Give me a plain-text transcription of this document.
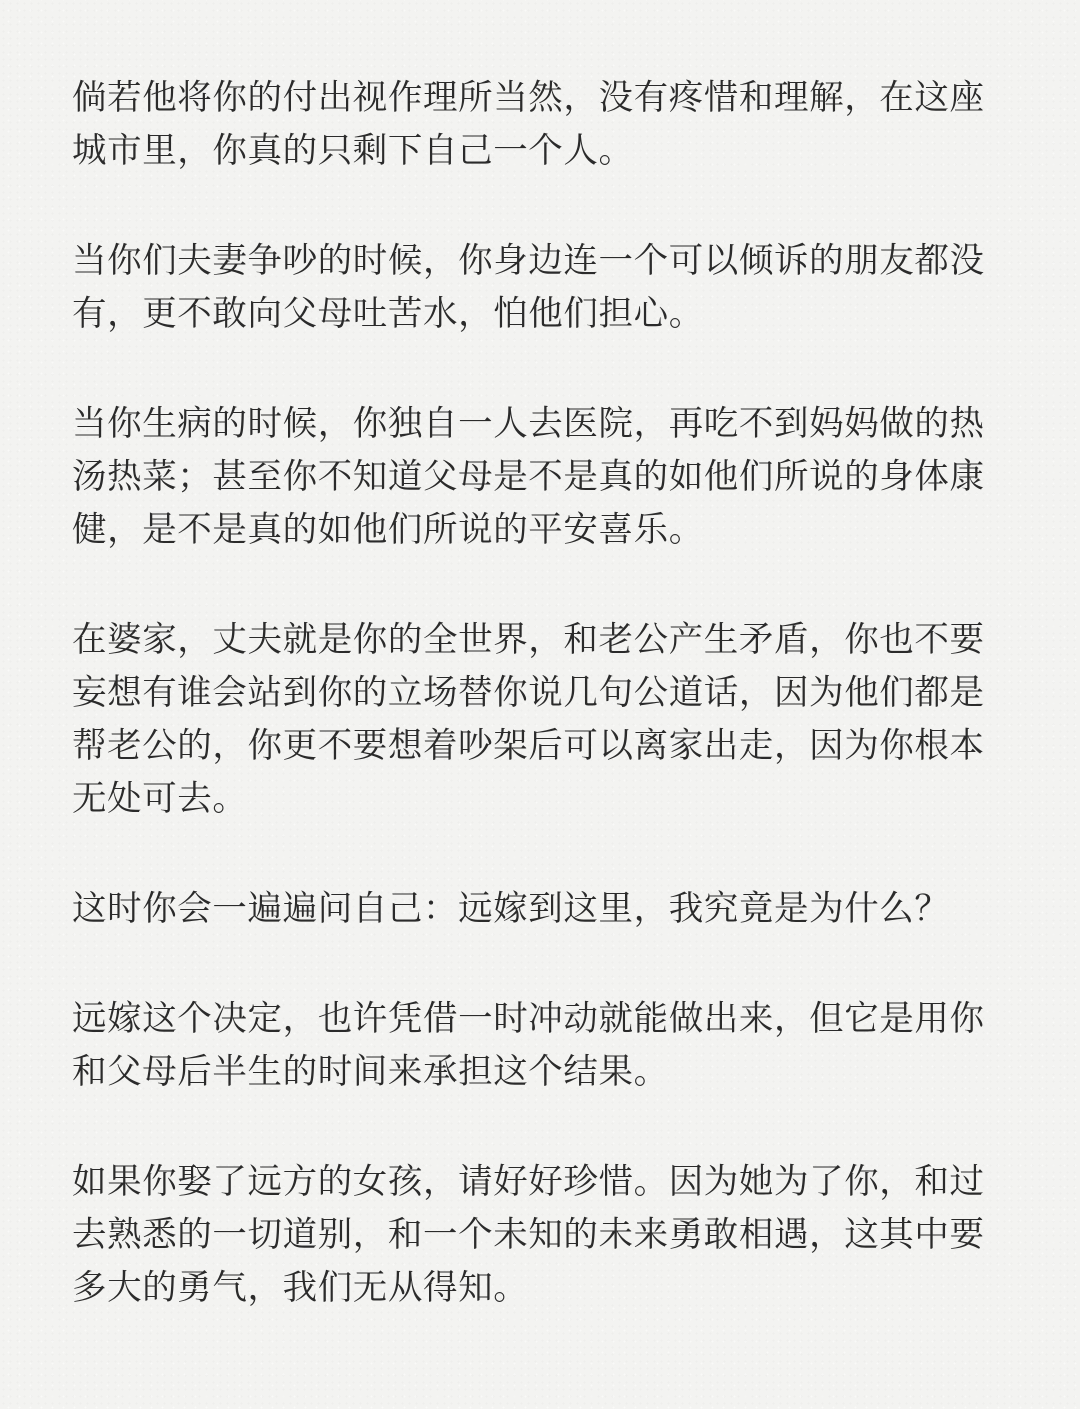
倘若他将你的付出视作理所当然，没有疼惜和理解，在这座城市里，你真的只剩下自己一个人。

当你们夫妻争吵的时候，你身边连一个可以倾诉的朋友都没有，更不敢向父母吐苦水，怕他们担心。

当你生病的时候，你独自一人去医院，再吃不到妈妈做的热汤热菜；甚至你不知道父母是不是真的如他们所说的身体康健，是不是真的如他们所说的平安喜乐。

在婆家，丈夫就是你的全世界，和老公产生矛盾，你也不要妄想有谁会站到你的立场替你说几句公道话，因为他们都是帮老公的，你更不要想着吵架后可以离家出走，因为你根本无处可去。

这时你会一遍遍问自己：远嫁到这里，我究竟是为什么？

远嫁这个决定，也许凭借一时冲动就能做出来，但它是用你和父母后半生的时间来承担这个结果。

如果你娶了远方的女孩，请好好珍惜。因为她为了你，和过去熟悉的一切道别，和一个未知的未来勇敢相遇，这其中要多大的勇气，我们无从得知。
